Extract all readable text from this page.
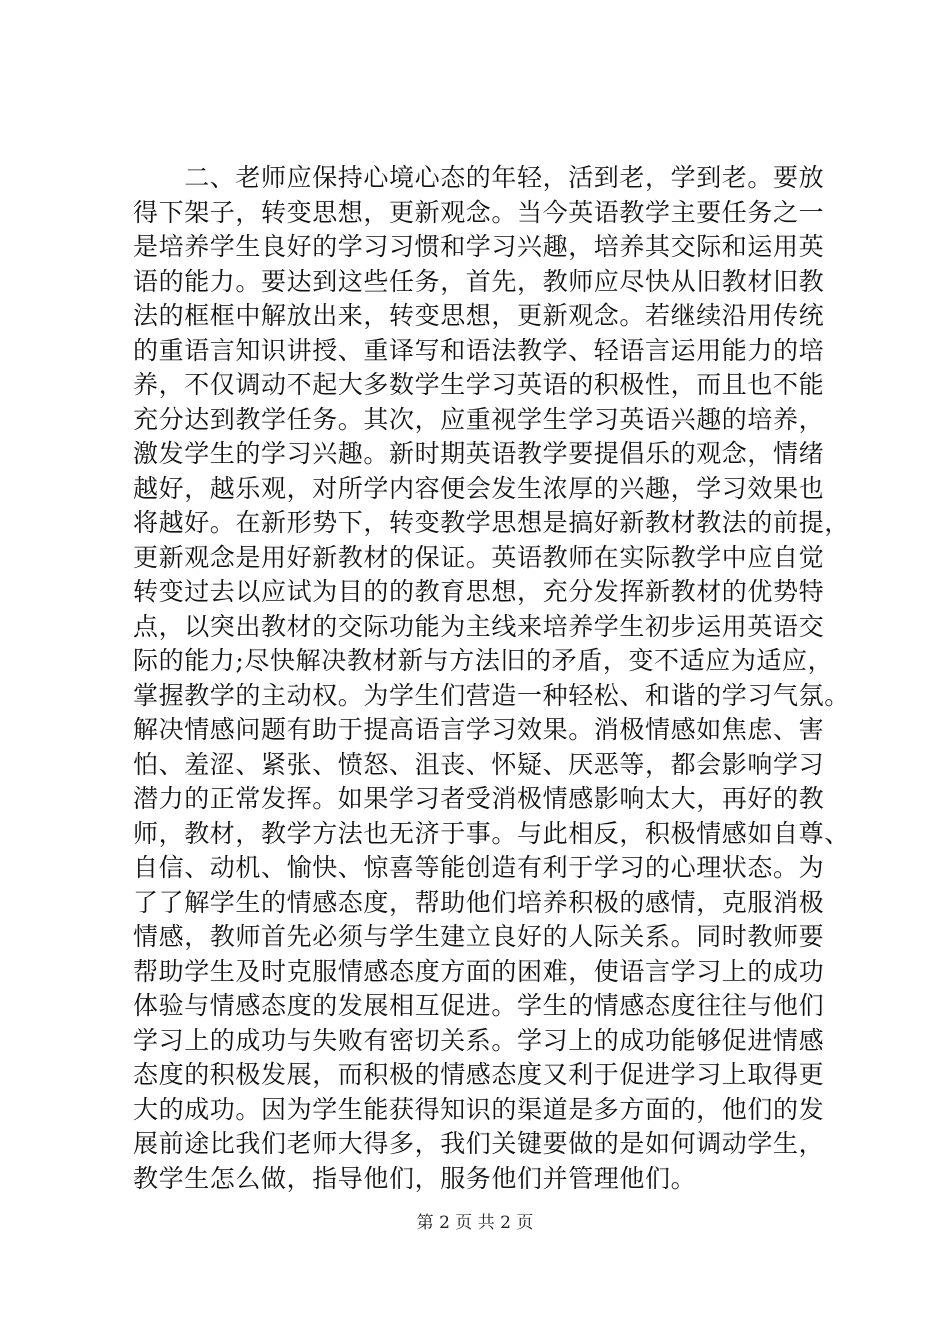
　　二、老师应保持心境心态的年轻，活到老，学到老。要放
得下架子，转变思想，更新观念。当今英语教学主要任务之一
是培养学生良好的学习习惯和学习兴趣，培养其交际和运用英
语的能力。要达到这些任务，首先，教师应尽快从旧教材旧教
法的框框中解放出来，转变思想，更新观念。若继续沿用传统
的重语言知识讲授、重译写和语法教学、轻语言运用能力的培
养，不仅调动不起大多数学生学习英语的积极性，而且也不能
充分达到教学任务。其次，应重视学生学习英语兴趣的培养，
激发学生的学习兴趣。新时期英语教学要提倡乐的观念，情绪
越好，越乐观，对所学内容便会发生浓厚的兴趣，学习效果也
将越好。在新形势下，转变教学思想是搞好新教材教法的前提，
更新观念是用好新教材的保证。英语教师在实际教学中应自觉
转变过去以应试为目的的教育思想，充分发挥新教材的优势特
点，以突出教材的交际功能为主线来培养学生初步运用英语交
际的能力;尽快解决教材新与方法旧的矛盾，变不适应为适应，
掌握教学的主动权。为学生们营造一种轻松、和谐的学习气氛。
解决情感问题有助于提高语言学习效果。消极情感如焦虑、害
怕、羞涩、紧张、愤怒、沮丧、怀疑、厌恶等，都会影响学习
潜力的正常发挥。如果学习者受消极情感影响太大，再好的教
师，教材，教学方法也无济于事。与此相反，积极情感如自尊、
自信、动机、愉快、惊喜等能创造有利于学习的心理状态。为
了了解学生的情感态度，帮助他们培养积极的感情，克服消极
情感，教师首先必须与学生建立良好的人际关系。同时教师要
帮助学生及时克服情感态度方面的困难，使语言学习上的成功
体验与情感态度的发展相互促进。学生的情感态度往往与他们
学习上的成功与失败有密切关系。学习上的成功能够促进情感
态度的积极发展，而积极的情感态度又利于促进学习上取得更
大的成功。因为学生能获得知识的渠道是多方面的，他们的发
展前途比我们老师大得多，我们关键要做的是如何调动学生，
教学生怎么做，指导他们，服务他们并管理他们。
第 2 页 共 2 页
